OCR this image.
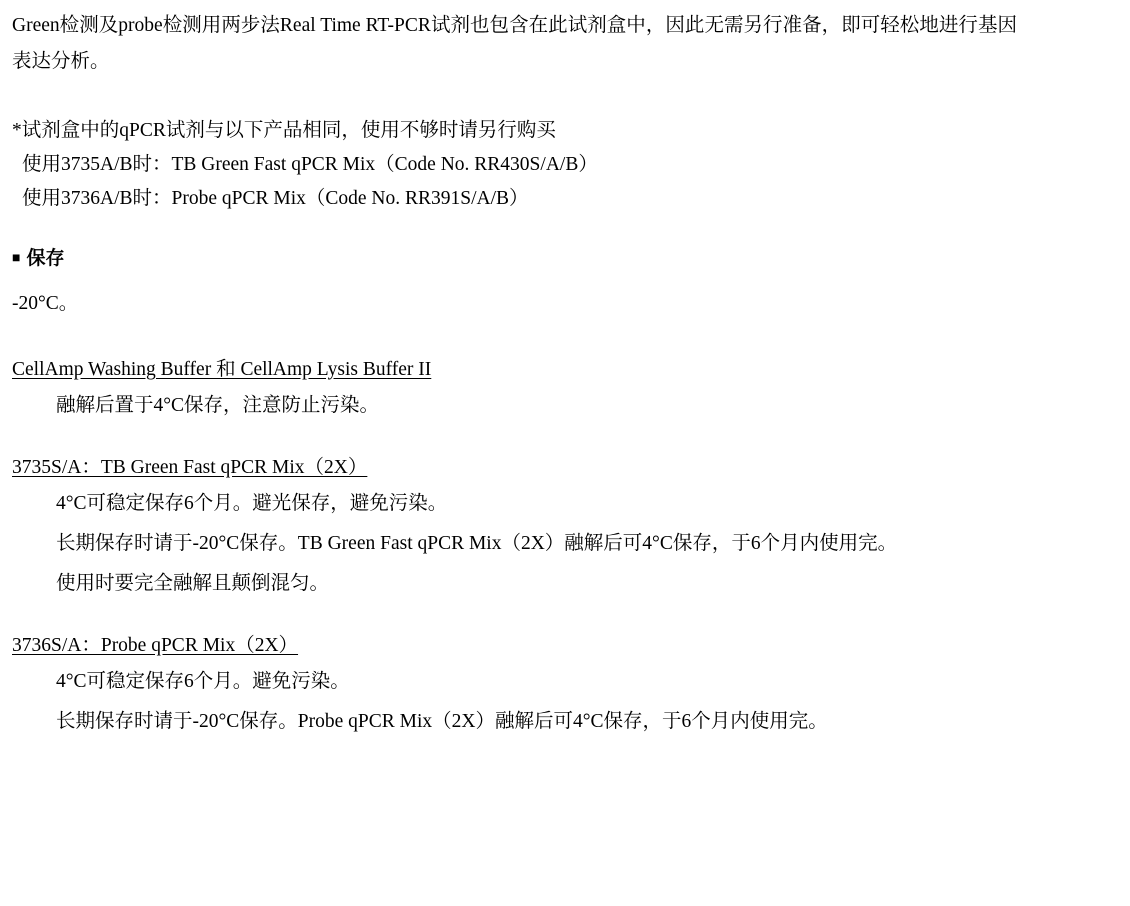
Green检测及probe检测用两步法Real Time RT-PCR试剂也包含在此试剂盒中，因此无需另行准备，即可轻松地进行基因表达分析。

*试剂盒中的qPCR试剂与以下产品相同，使用不够时请另行购买

使用3735A/B时：TB Green Fast qPCR Mix（Code No. RR430S/A/B）

使用3736A/B时：Probe qPCR Mix（Code No. RR391S/A/B）

■ 保存

-20°C。

CellAmp Washing Buffer 和 CellAmp Lysis Buffer II

融解后置于4°C保存，注意防止污染。

3735S/A：TB Green Fast qPCR Mix（2X）

4°C可稳定保存6个月。避光保存，避免污染。

长期保存时请于-20°C保存。TB Green Fast qPCR Mix（2X）融解后可4°C保存，于6个月内使用完。

使用时要完全融解且颠倒混匀。

3736S/A：Probe qPCR Mix（2X）

4°C可稳定保存6个月。避免污染。

长期保存时请于-20°C保存。Probe qPCR Mix（2X）融解后可4°C保存，于6个月内使用完。
